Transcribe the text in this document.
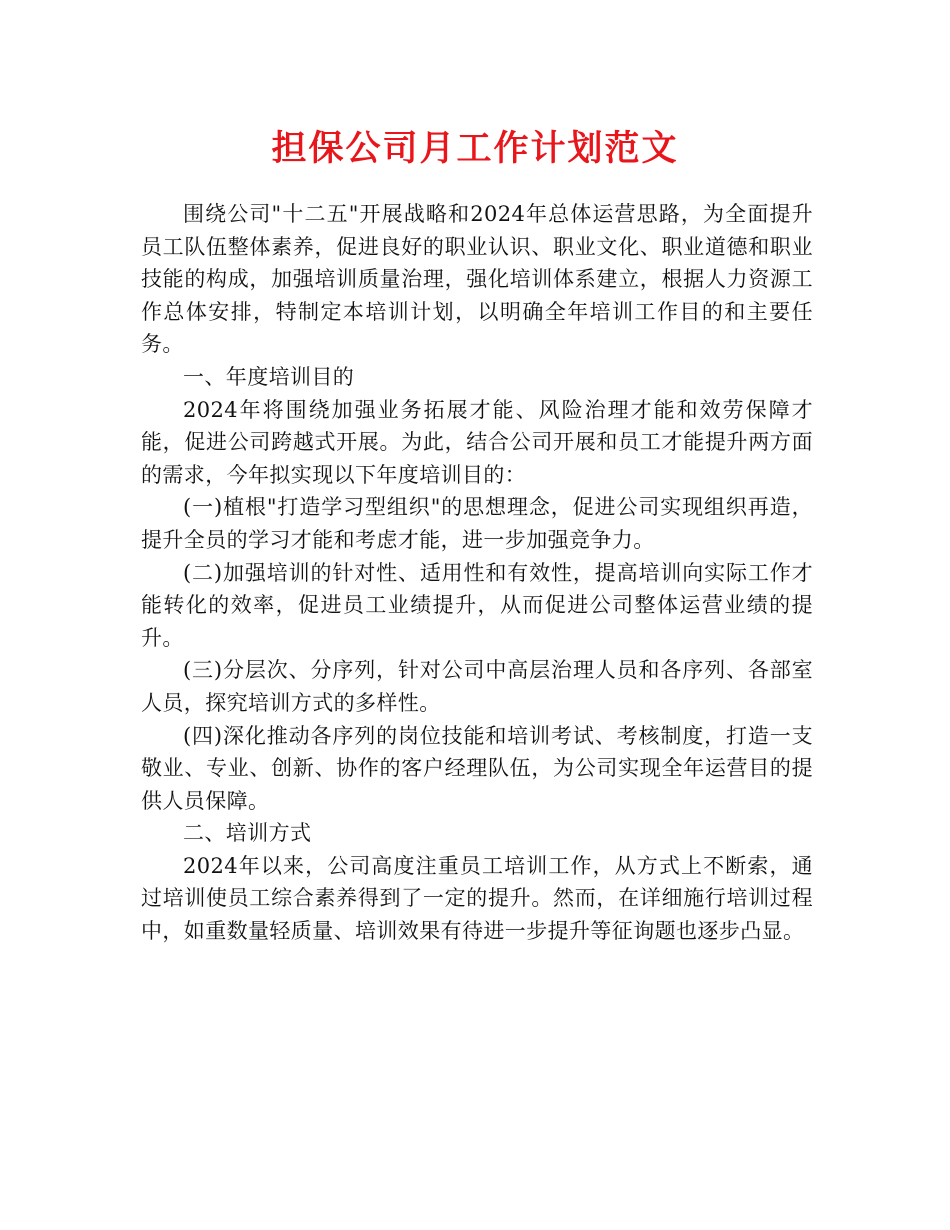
担保公司月工作计划范文

围绕公司"十二五"开展战略和2024年总体运营思路，为全面提升员工队伍整体素养，促进良好的职业认识、职业文化、职业道德和职业技能的构成，加强培训质量治理，强化培训体系建立，根据人力资源工作总体安排，特制定本培训计划，以明确全年培训工作目的和主要任务。

一、年度培训目的

2024年将围绕加强业务拓展才能、风险治理才能和效劳保障才能，促进公司跨越式开展。为此，结合公司开展和员工才能提升两方面的需求，今年拟实现以下年度培训目的：

(一)植根"打造学习型组织"的思想理念，促进公司实现组织再造，提升全员的学习才能和考虑才能，进一步加强竞争力。

(二)加强培训的针对性、适用性和有效性，提高培训向实际工作才能转化的效率，促进员工业绩提升，从而促进公司整体运营业绩的提升。

(三)分层次、分序列，针对公司中高层治理人员和各序列、各部室人员，探究培训方式的多样性。

(四)深化推动各序列的岗位技能和培训考试、考核制度，打造一支敬业、专业、创新、协作的客户经理队伍，为公司实现全年运营目的提供人员保障。

二、培训方式

2024年以来，公司高度注重员工培训工作，从方式上不断索，通过培训使员工综合素养得到了一定的提升。然而，在详细施行培训过程中，如重数量轻质量、培训效果有待进一步提升等征询题也逐步凸显。
